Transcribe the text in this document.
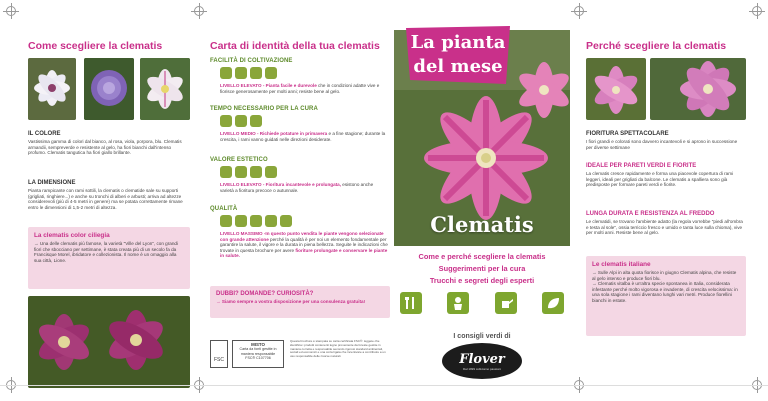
Come scegliere la clematis
IL COLORE
Vastissima gamma di colori dal bianco, al rosa, viola, porpora, blu. Clematis armandii, sempreverde e resistente al gelo, ha fiori bianchi dall'intenso profumo. Clematis tangutica ha fiori giallo brillante.
LA DIMENSIONE
Pianta rampicante con rami sottili, la clematis o clematide sale su supporti (grigliati, ringhiere...) e anche su tronchi di alberi e arbusti; arriva ad altezze considerevoli (più di 4-5 metri in genere) ma se potata correttamente rimane entro le dimensioni di 1,5-2 metri di altezza.
La clematis color ciliegia
→ Una delle clematis più famose, la varietà "Ville del Lyon", con grandi fiori che sbocciano per settimane, è stata creata più di un secolo fa da Francisque Morel, ibridatore e collezionista. Il nome è un omaggio alla sua città, Lione.
Carta di identità della tua clematis
FACILITÀ DI COLTIVAZIONE
LIVELLO ELEVATO - Pianta facile e durevole che in condizioni adatte vive e fiorisce generosamente per molti anni; resiste bene al gelo.
TEMPO NECESSARIO PER LA CURA
LIVELLO MEDIO - Richiede potature in primavera e a fine stagione; durante la crescita, i rami vanno guidati nelle direzioni desiderate.
VALORE ESTETICO
LIVELLO ELEVATO - Fioritura incantevole e prolungata, esistono anche varietà a fioritura precoce o autunnale.
QUALITÀ
LIVELLO MASSIMO -In questo punto vendita le piante vengono selezionate con grande attenzione perché la qualità è per noi un elemento fondamentale per garantire la salute, il vigore e la durata in piena bellezza. Seguite le indicazioni che trovate in questa brochure per avere fioriture prolungate e conservare le piante in salute.
DUBBI? DOMANDE? CURIOSITÀ?
→ Siamo sempre a vostra disposizione per una consulenza gratuita!
FSC
MISTO
Carta da fonti gestite in maniera responsabile
FSC® C107706
Questa brochure è stampata su carta certificata FSC®: leggete che identifica i prodotti contenenti legno proveniente da foreste gestite in maniera corretta e responsabile secondo rigorosi standard ambientali, sociali ed economici e una corta ligata che incentivare a contribuire a un uso responsabile delle risorse naturali.
La pianta
del mese
Clematis
Come e perché scegliere la clematis
Suggerimenti per la cura
Trucchi e segreti degli esperti
I consigli verdi di
Flover
Dal 1999 coltiviamo passioni
Perché scegliere la clematis
FIORITURA SPETTACOLARE
I fiori grandi e colorati sono davvero incantevoli e si aprono in successione per diverse settimane
IDEALE PER PARETI VERDI E FIORITE
La clematis cresce rapidamente e forma una piacevole copertura di rami leggeri, ideali per grigliati da balcone. Le clematis a spalliera sono già predisposte per formare pareti verdi e fiorite.
LUNGA DURATA E RESISTENZA AL FREDDO
Le clematidi, se trovano l'ambiente adatto (la regola vorrebbe "piedi all'ombra e testa al sole", ossia terriccio fresco e umido e tanta luce sulla chioma), vive per molti anni. Resiste bene al gelo.
Le clematis italiane
→ Sulle Alpi in alta quota fiorisce in giugno Clematis alpina, che resiste al gelo intenso e produce fiori blu.
→ Clematis vitalba è un'altra specie spontanea in Italia, considerata infestante perché molto vigorosa e invadente, di crescita velocissima: in una sola stagione i rami diventano lunghi vari metri. Produce fiorellini bianchi in estate.
